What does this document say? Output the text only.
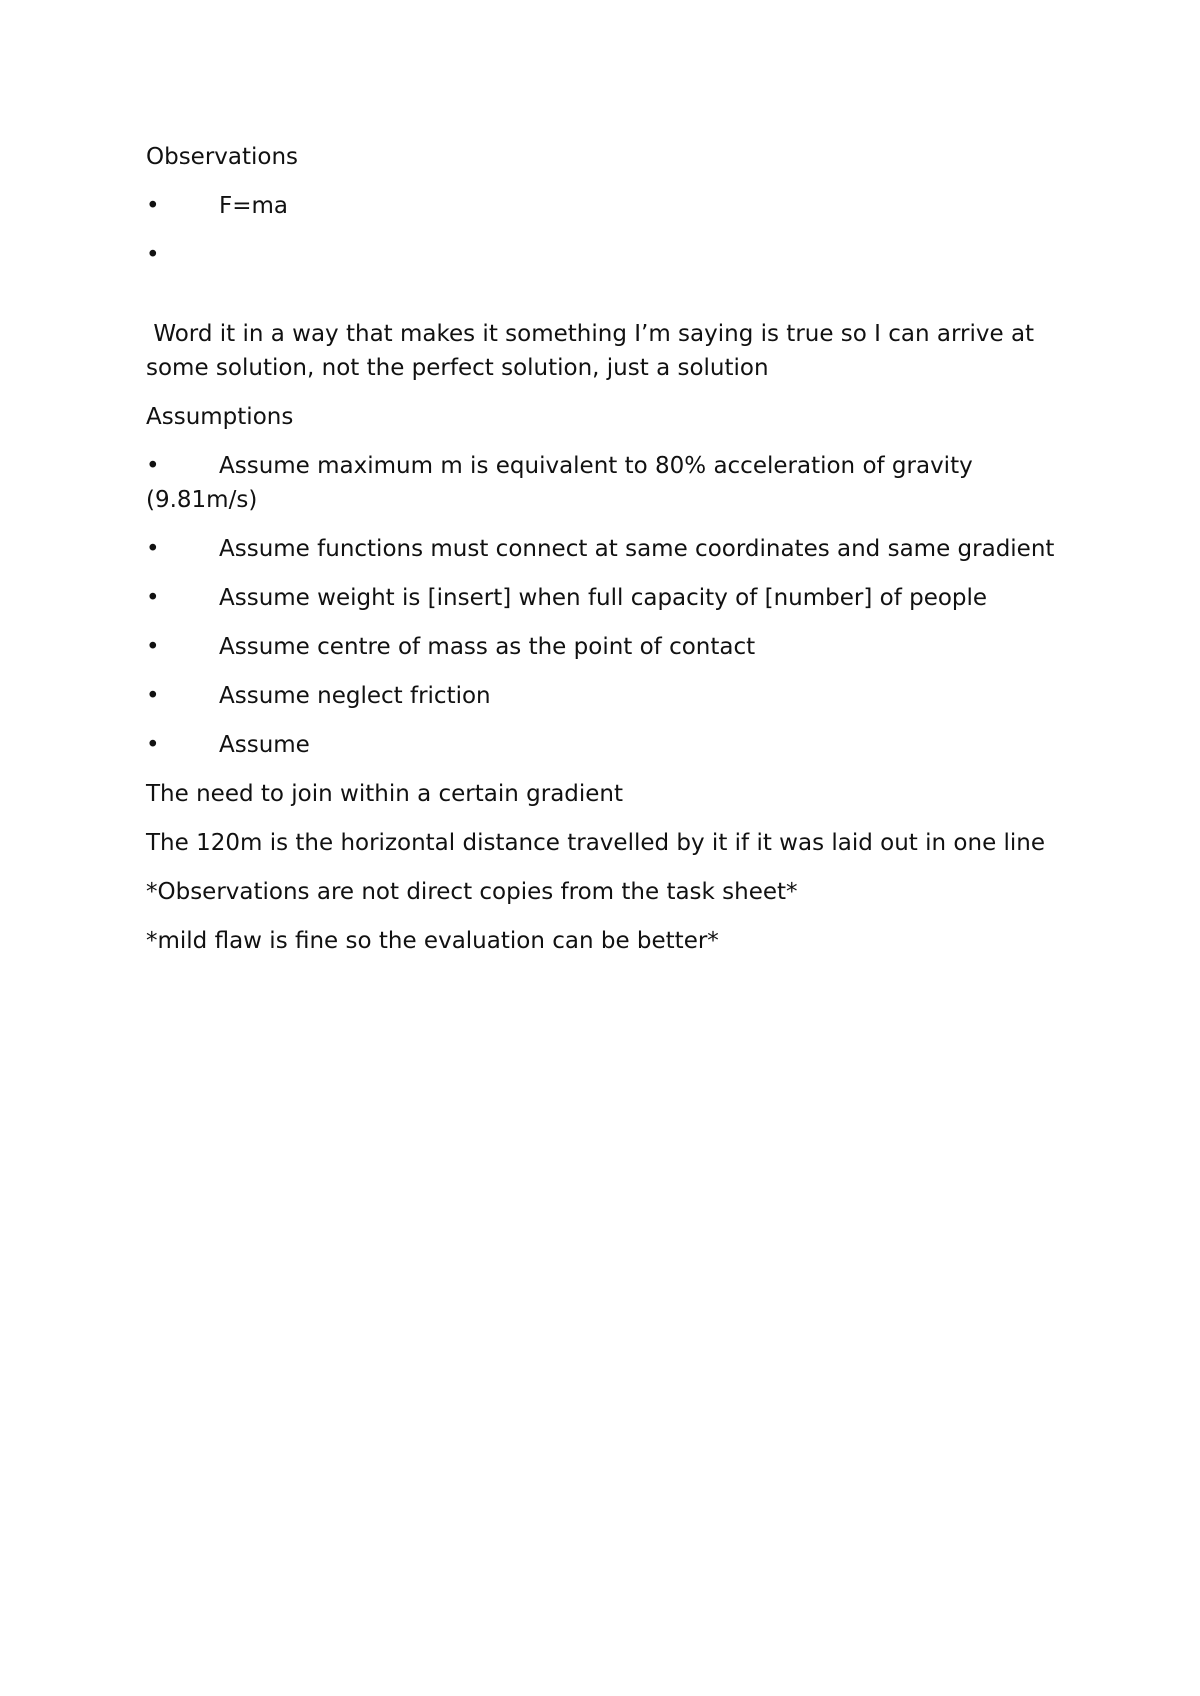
Observations

•	F=ma
•

Word it in a way that makes it something I’m saying is true so I can arrive at some solution, not the perfect solution, just a solution

Assumptions

•	Assume maximum m is equivalent to 80% acceleration of gravity (9.81m/s)
•	Assume functions must connect at same coordinates and same gradient
•	Assume weight is [insert] when full capacity of [number] of people
•	Assume centre of mass as the point of contact
•	Assume neglect friction
•	Assume

The need to join within a certain gradient

The 120m is the horizontal distance travelled by it if it was laid out in one line

*Observations are not direct copies from the task sheet*

*mild flaw is fine so the evaluation can be better*
